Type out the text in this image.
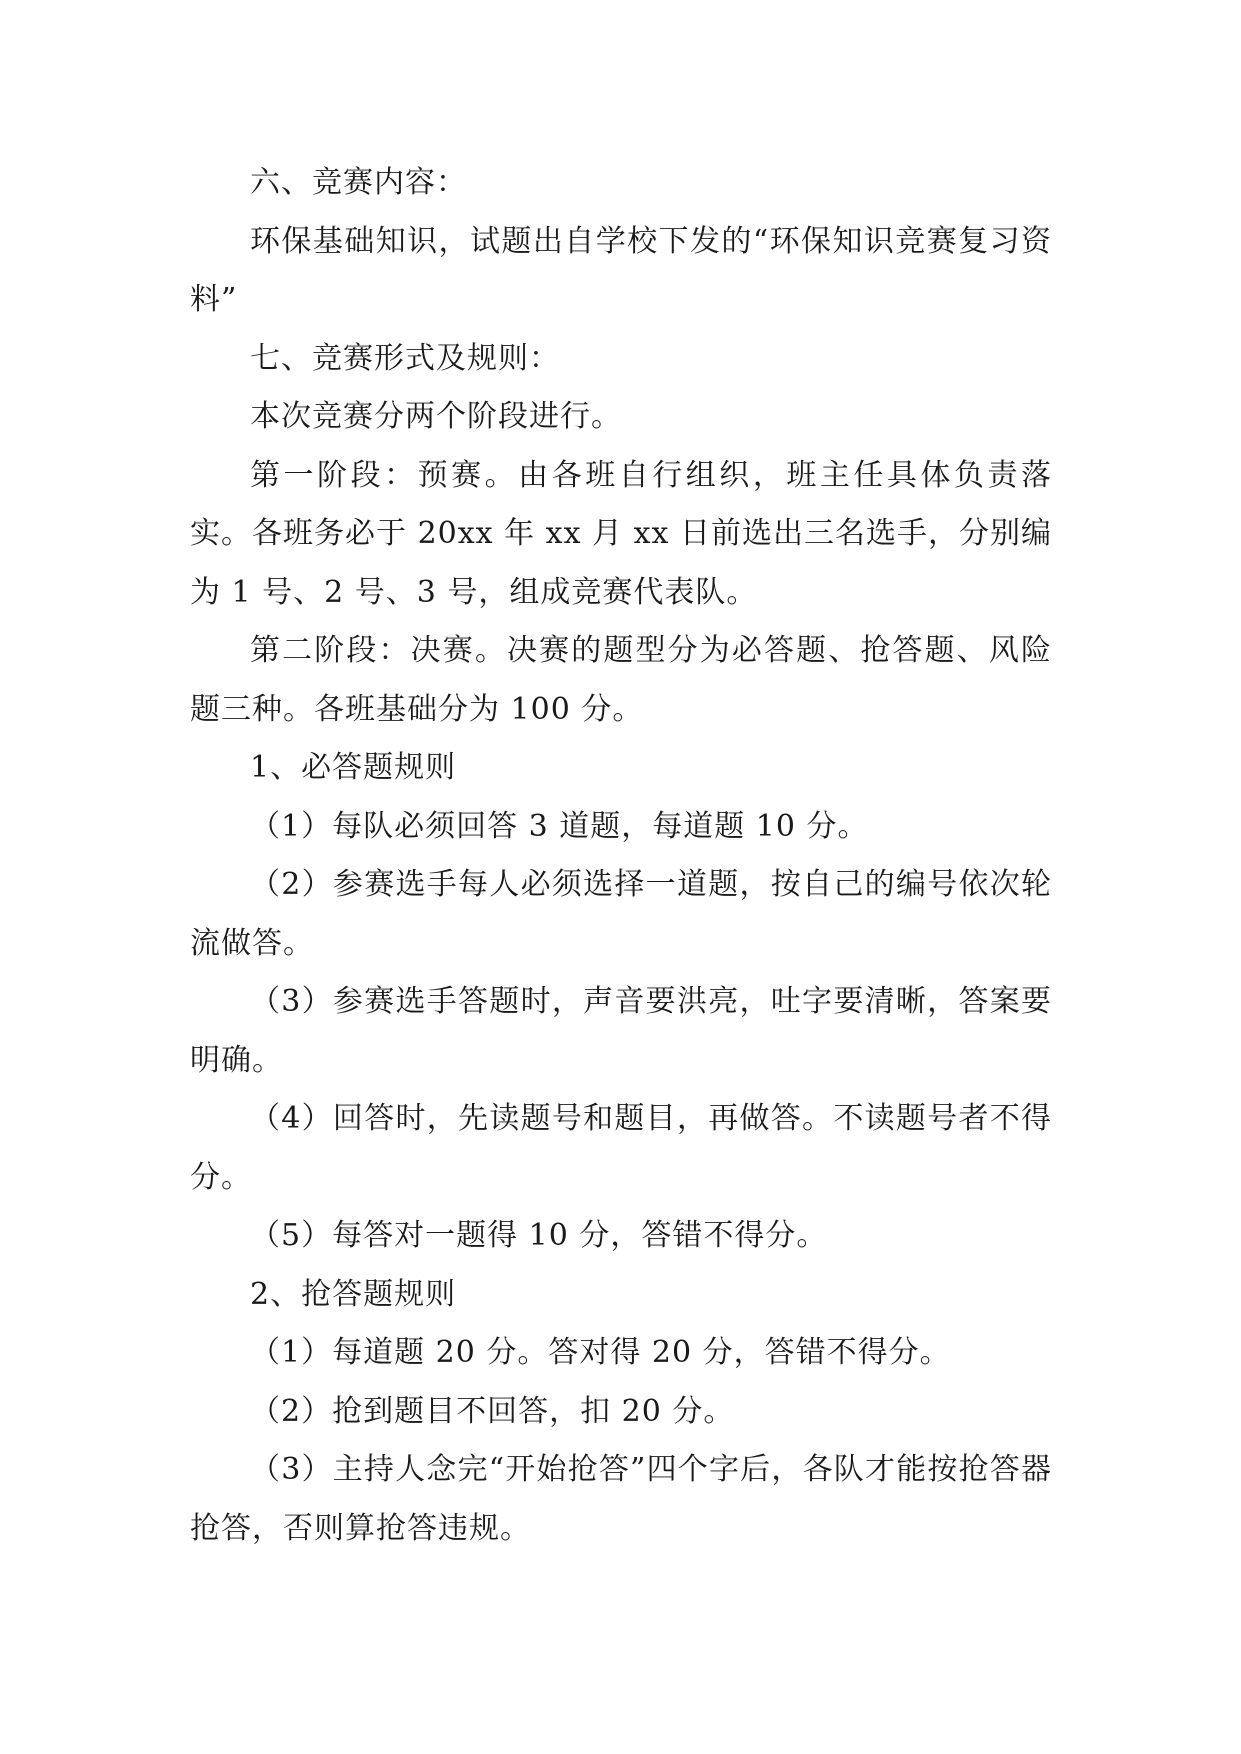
六、竞赛内容：

环保基础知识，试题出自学校下发的“环保知识竞赛复习资料”

七、竞赛形式及规则：

本次竞赛分两个阶段进行。

第一阶段：预赛。由各班自行组织，班主任具体负责落实。各班务必于 20xx 年 xx 月 xx 日前选出三名选手，分别编为 1 号、2 号、3 号，组成竞赛代表队。

第二阶段：决赛。决赛的题型分为必答题、抢答题、风险题三种。各班基础分为 100 分。

1、必答题规则

（1）每队必须回答 3 道题，每道题 10 分。

（2）参赛选手每人必须选择一道题，按自己的编号依次轮流做答。

（3）参赛选手答题时，声音要洪亮，吐字要清晰，答案要明确。

（4）回答时，先读题号和题目，再做答。不读题号者不得分。

（5）每答对一题得 10 分，答错不得分。

2、抢答题规则

（1）每道题 20 分。答对得 20 分，答错不得分。

（2）抢到题目不回答，扣 20 分。

（3）主持人念完“开始抢答”四个字后，各队才能按抢答器抢答，否则算抢答违规。
